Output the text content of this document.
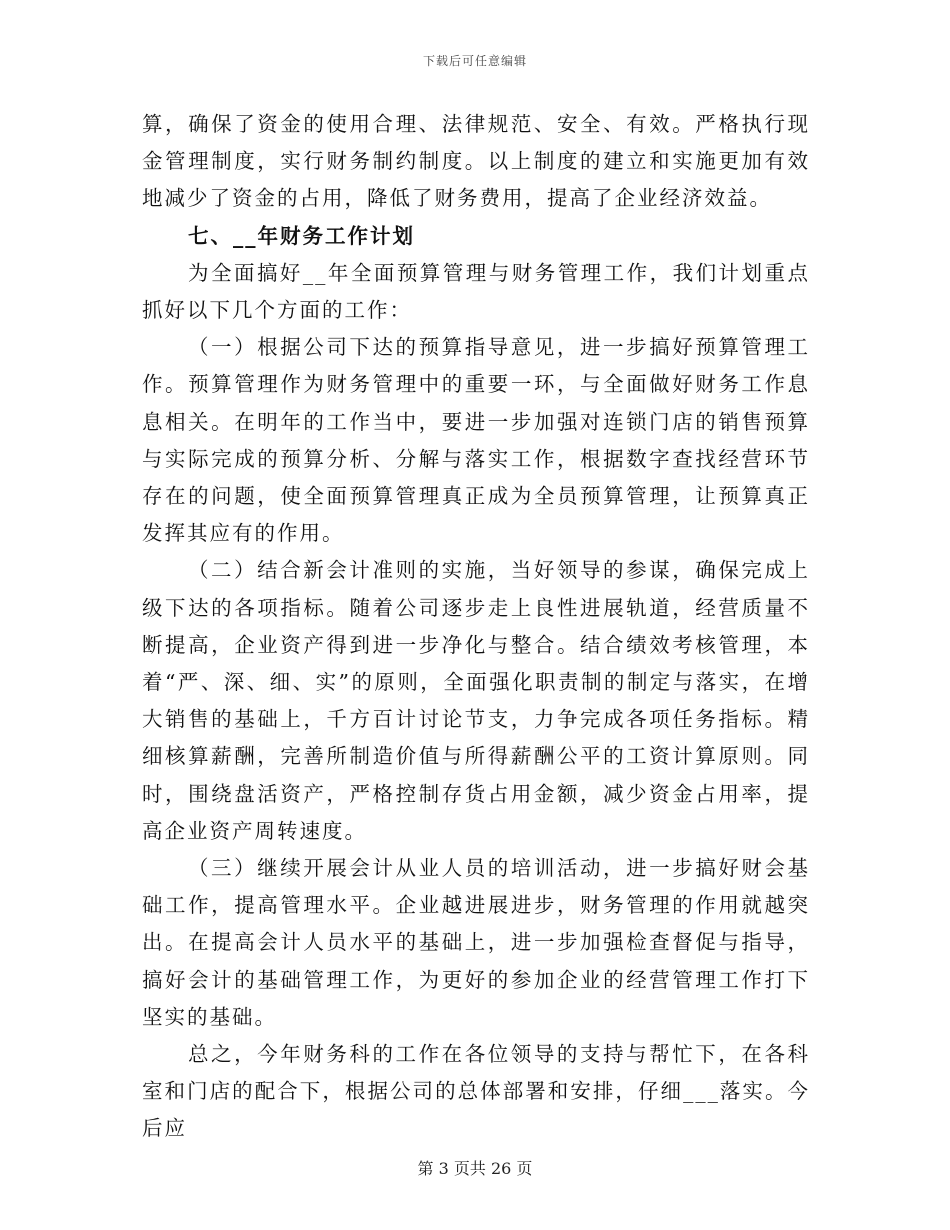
下载后可任意编辑

算，确保了资金的使用合理、法律规范、安全、有效。严格执行现金管理制度，实行财务制约制度。以上制度的建立和实施更加有效地减少了资金的占用，降低了财务费用，提高了企业经济效益。

七、__年财务工作计划

为全面搞好__年全面预算管理与财务管理工作，我们计划重点抓好以下几个方面的工作：

（一）根据公司下达的预算指导意见，进一步搞好预算管理工作。预算管理作为财务管理中的重要一环，与全面做好财务工作息息相关。在明年的工作当中，要进一步加强对连锁门店的销售预算与实际完成的预算分析、分解与落实工作，根据数字查找经营环节存在的问题，使全面预算管理真正成为全员预算管理，让预算真正发挥其应有的作用。

（二）结合新会计准则的实施，当好领导的参谋，确保完成上级下达的各项指标。随着公司逐步走上良性进展轨道，经营质量不断提高，企业资产得到进一步净化与整合。结合绩效考核管理，本着“严、深、细、实”的原则，全面强化职责制的制定与落实，在增大销售的基础上，千方百计讨论节支，力争完成各项任务指标。精细核算薪酬，完善所制造价值与所得薪酬公平的工资计算原则。同时，围绕盘活资产，严格控制存货占用金额，减少资金占用率，提高企业资产周转速度。

（三）继续开展会计从业人员的培训活动，进一步搞好财会基础工作，提高管理水平。企业越进展进步，财务管理的作用就越突出。在提高会计人员水平的基础上，进一步加强检查督促与指导，搞好会计的基础管理工作，为更好的参加企业的经营管理工作打下坚实的基础。

总之，今年财务科的工作在各位领导的支持与帮忙下，在各科室和门店的配合下，根据公司的总体部署和安排，仔细___落实。今后应

第 3 页共 26 页
